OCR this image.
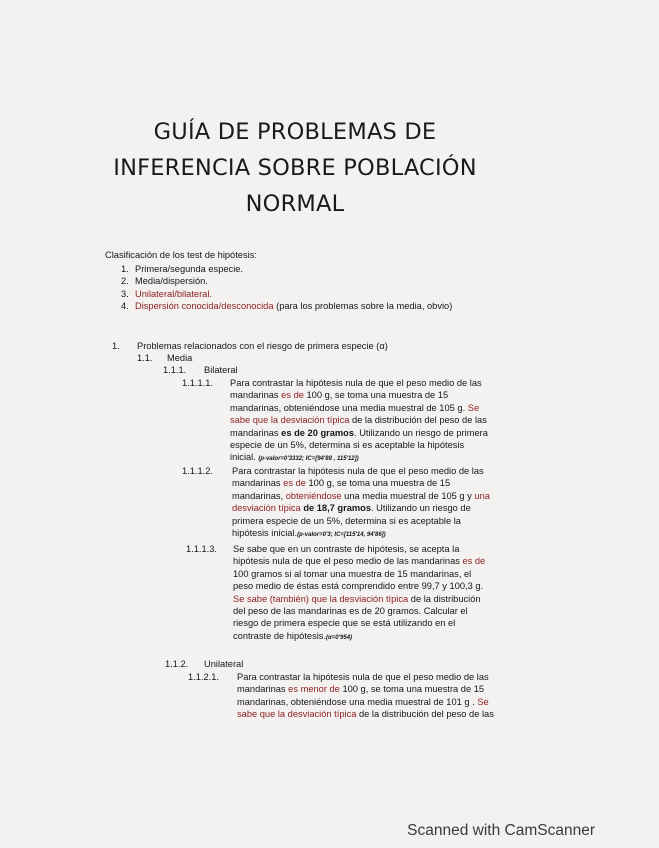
GUÍA DE PROBLEMAS DE
INFERENCIA SOBRE POBLACIÓN
NORMAL
Clasificación de los test de hipótesis:
1. Primera/segunda especie.
2. Media/dispersión.
3. Unilateral/bilateral.
4. Dispersión conocida/desconocida (para los problemas sobre la media, obvio)
1. Problemas relacionados con el riesgo de primera especie (α)
1.1. Media
1.1.1. Bilateral
1.1.1.1. Para contrastar la hipótesis nula de que el peso medio de las
mandarinas es de 100 g, se toma una muestra de 15
mandarinas, obteniéndose una media muestral de 105 g. Se
sabe que la desviación típica de la distribución del peso de las
mandarinas es de 20 gramos. Utilizando un riesgo de primera
especie de un 5%, determina si es aceptable la hipótesis
inicial. (p-valor=0'3332; IC=[94'88 , 115'12])
1.1.1.2. Para contrastar la hipótesis nula de que el peso medio de las
mandarinas es de 100 g, se toma una muestra de 15
mandarinas, obteniéndose una media muestral de 105 g y una
desviación típica de 18,7 gramos. Utilizando un riesgo de
primera especie de un 5%, determina si es aceptable la
hipótesis inicial.(p-valor=0'3; IC=[115'14, 94'86])
1.1.1.3. Se sabe que en un contraste de hipótesis, se acepta la
hipótesis nula de que el peso medio de las mandarinas es de
100 gramos si al tomar una muestra de 15 mandarinas, el
peso medio de éstas está comprendido entre 99,7 y 100,3 g.
Se sabe (también) que la desviación típica de la distribución
del peso de las mandarinas es de 20 gramos. Calcular el
riesgo de primera especie que se está utilizando en el
contraste de hipótesis.(α=0'954)
1.1.2. Unilateral
1.1.2.1. Para contrastar la hipótesis nula de que el peso medio de las
mandarinas es menor de 100 g, se toma una muestra de 15
mandarinas, obteniéndose una media muestral de 101 g . Se
sabe que la desviación típica de la distribución del peso de las
Scanned with CamScanner
